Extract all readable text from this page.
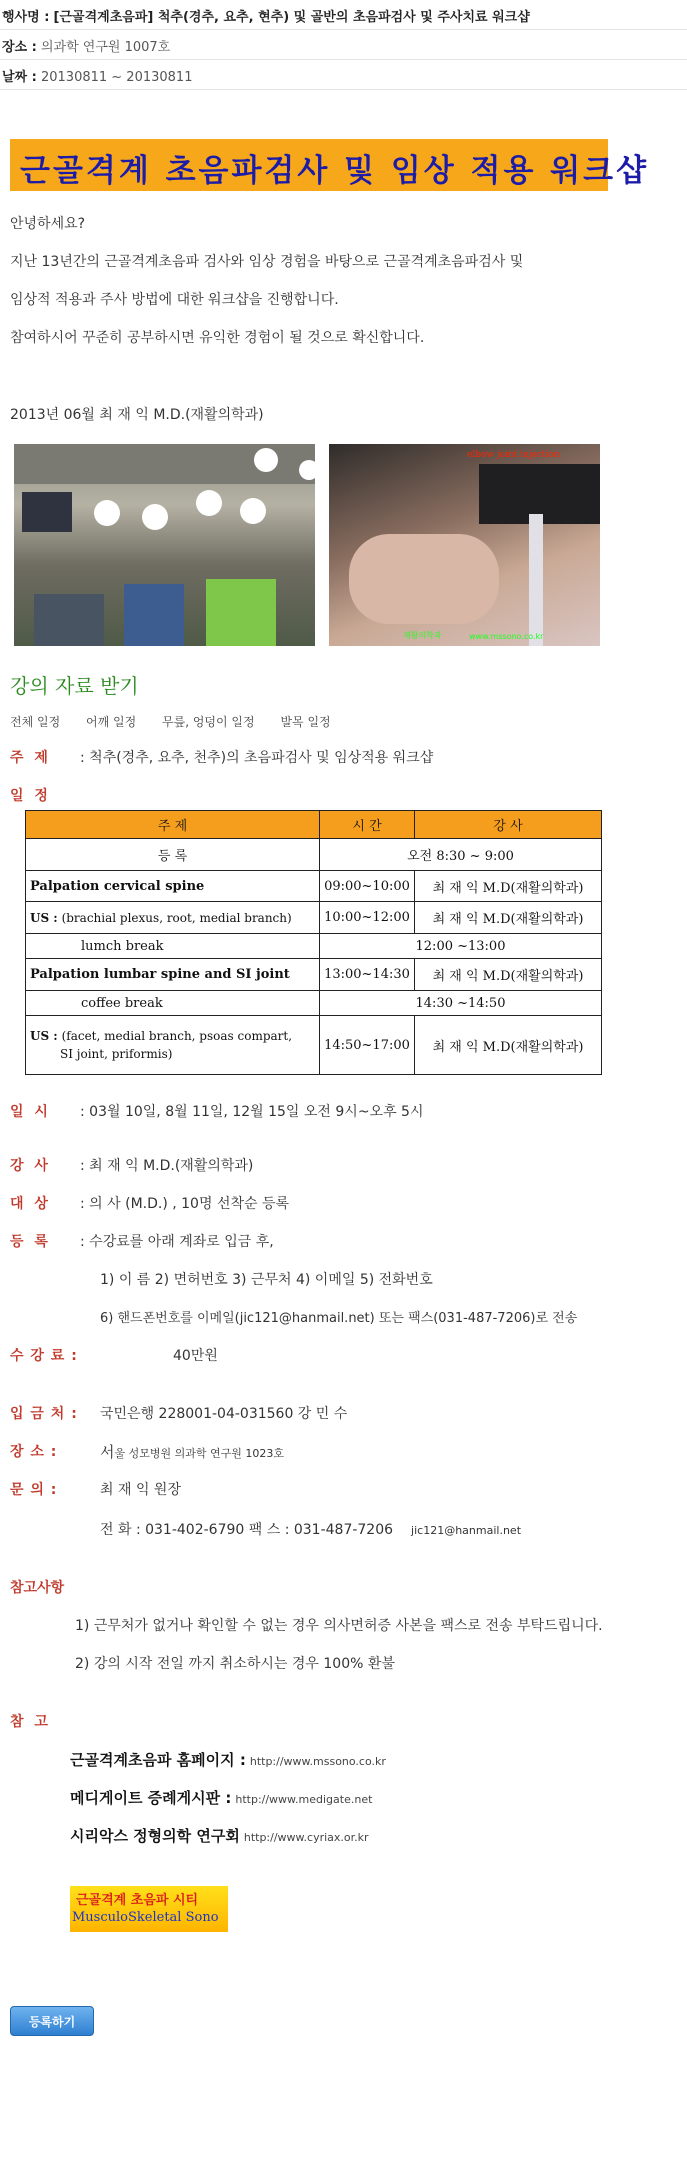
행사명 : [근골격계초음파] 척추(경추, 요추, 현추) 및 골반의 초음파검사 및 주사치료 워크샵
장소 : 의과학 연구원 1007호
날짜 : 20130811 ~ 20130811
근골격계 초음파검사 및 임상 적용 워크샵
안녕하세요?
지난 13년간의 근골격계초음파 검사와 임상 경험을 바탕으로 근골격계초음파검사 및
임상적 적용과 주사 방법에 대한 워크샵을 진행합니다.
참여하시어 꾸준히 공부하시면 유익한 경험이 될 것으로 확신합니다.
2013년 06월 최 재 익 M.D.(재활의학과)
elbow joint injection
재활의학과	www.mssono.co.kr
강의 자료 받기
전체 일정 어깨 일정 무릎, 엉덩이 일정 발목 일정
주 제 : 척추(경추, 요추, 천추)의 초음파검사 및 임상적용 워크샵
일 정
주 제	시 간	강 사
등 록	오전 8:30 ~ 9:00	
Palpation cervical spine	09:00~10:00	최 재 익 M.D(재활의학과)
US : (brachial plexus, root, medial branch)	10:00~12:00	최 재 익 M.D(재활의학과)
lumch break	12:00 ~13:00	
Palpation lumbar spine and SI joint	13:00~14:30	최 재 익 M.D(재활의학과)
coffee break	14:30 ~14:50	
US : (facet, medial branch, psoas compart,
SI joint, priformis)	14:50~17:00	최 재 익 M.D(재활의학과)
일 시 : 03월 10일, 8월 11일, 12월 15일 오전 9시~오후 5시
강 사 : 최 재 익 M.D.(재활의학과)
대 상 : 의 사 (M.D.) , 10명 선착순 등록
등 록 : 수강료를 아래 계좌로 입금 후,
1) 이 름 2) 면허번호 3) 근무처 4) 이메일 5) 전화번호
6) 핸드폰번호를 이메일(jic121@hanmail.net) 또는 팩스(031-487-7206)로 전송
수 강 료 :	40만원
입 금 처 : 국민은행 228001-04-031560 강 민 수
장 소 :	서울 성모병원 의과학 연구원 1023호
문 의 :	최 재 익 원장
전 화 : 031-402-6790 팩 스 : 031-487-7206 jic121@hanmail.net
참고사항
1) 근무처가 없거나 확인할 수 없는 경우 의사면허증 사본을 팩스로 전송 부탁드립니다.
2) 강의 시작 전일 까지 취소하시는 경우 100% 환불
참 고
근골격계초음파 홈페이지 : http://www.mssono.co.kr
메디게이트 증례게시판 : http://www.medigate.net
시리악스 정형의학 연구회 http://www.cyriax.or.kr
근골격계 초음파 시티
MusculoSkeletal Sono
등록하기
